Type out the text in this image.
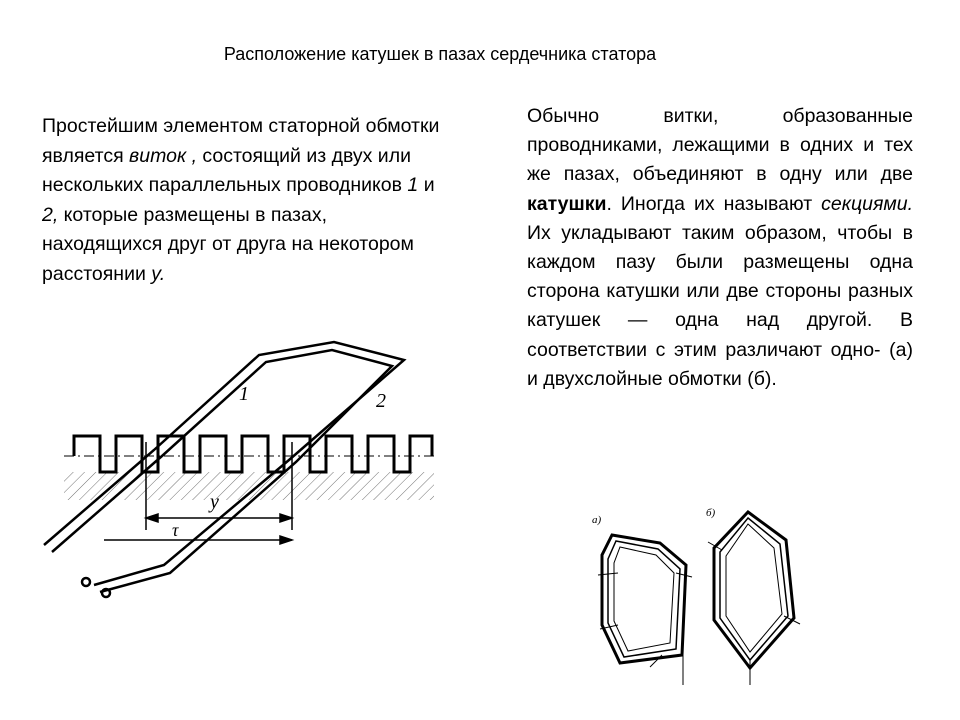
Расположение катушек в пазах сердечника статора
Простейшим элементом статорной обмотки является виток , состоящий из двух или нескольких параллельных проводников 1 и 2, которые размещены в пазах, находящихся друг от друга на некотором расстоянии у.
Обычно витки, образованные проводниками, лежащими в одних и тех же пазах, объединяют в одну или две катушки. Иногда их называют секциями. Их укладывают таким образом, чтобы в каждом пазу были размещены одна сторона катушки или две стороны разных катушек — одна над другой. В соответствии с этим различают одно- (а) и двухслойные обмотки (б).
1	2
y
τ	а)
б)
